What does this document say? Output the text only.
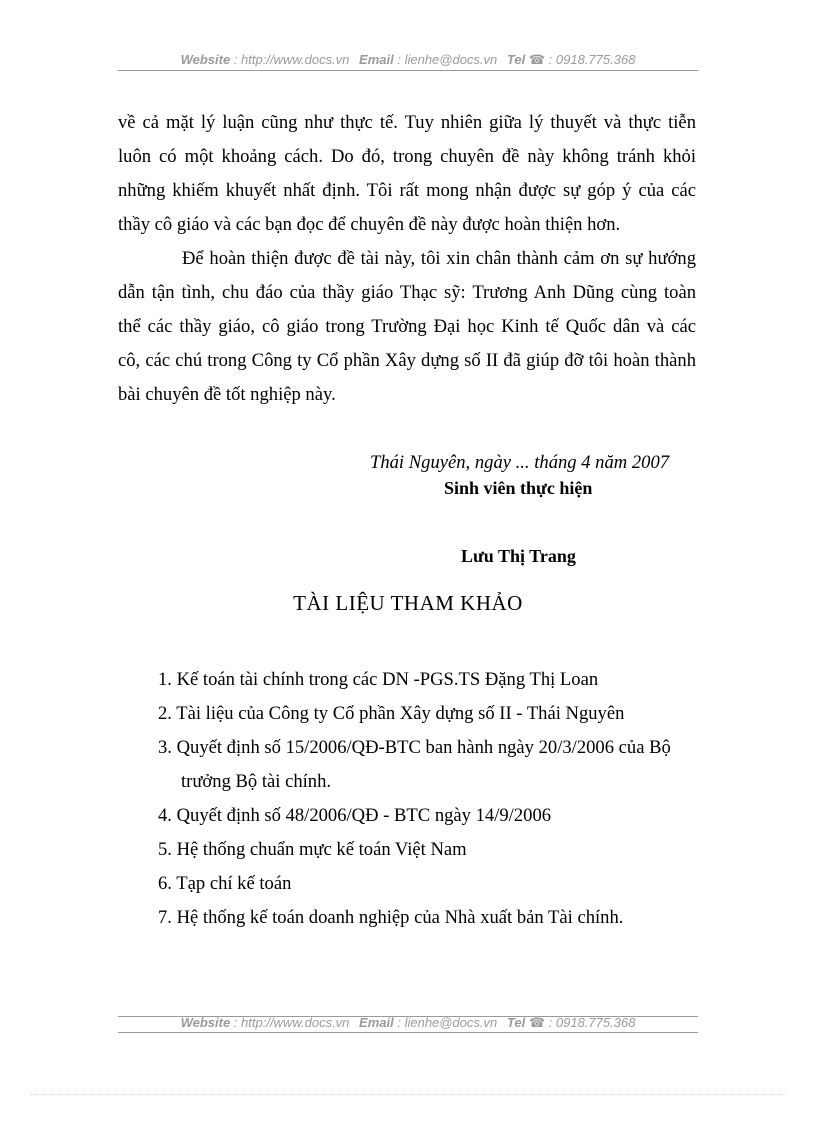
Website : http://www.docs.vn Email : lienhe@docs.vn Tel ☎ : 0918.775.368
về cả mặt lý luận cũng như thực tế. Tuy nhiên giữa lý thuyết và thực tiễn
luôn có một khoảng cách. Do đó, trong chuyên đề này không tránh khỏi
những khiếm khuyết nhất định. Tôi rất mong nhận được sự góp ý của các
thầy cô giáo và các bạn đọc để chuyên đề này được hoàn thiện hơn.
Để hoàn thiện được đề tài này, tôi xin chân thành cảm ơn sự hướng
dẫn tận tình, chu đáo của thầy giáo Thạc sỹ: Trương Anh Dũng cùng toàn
thể các thầy giáo, cô giáo trong Trường Đại học Kinh tế Quốc dân và các
cô, các chú trong Công ty Cổ phần Xây dựng số II đã giúp đỡ tôi hoàn thành
bài chuyên đề tốt nghiệp này.
Thái Nguyên, ngày ... tháng 4 năm 2007
Sinh viên thực hiện
Lưu Thị Trang
TÀI LIỆU THAM KHẢO
1. Kế toán tài chính trong các DN -PGS.TS Đặng Thị Loan
2. Tài liệu của Công ty Cổ phần Xây dựng số II - Thái Nguyên
3. Quyết định số 15/2006/QĐ-BTC ban hành ngày 20/3/2006 của Bộ
trưởng Bộ tài chính.
4. Quyết định số 48/2006/QĐ - BTC ngày 14/9/2006
5. Hệ thống chuẩn mực kế toán Việt Nam
6. Tạp chí kế toán
7. Hệ thống kế toán doanh nghiệp của Nhà xuất bản Tài chính.
Website : http://www.docs.vn Email : lienhe@docs.vn Tel ☎ : 0918.775.368
